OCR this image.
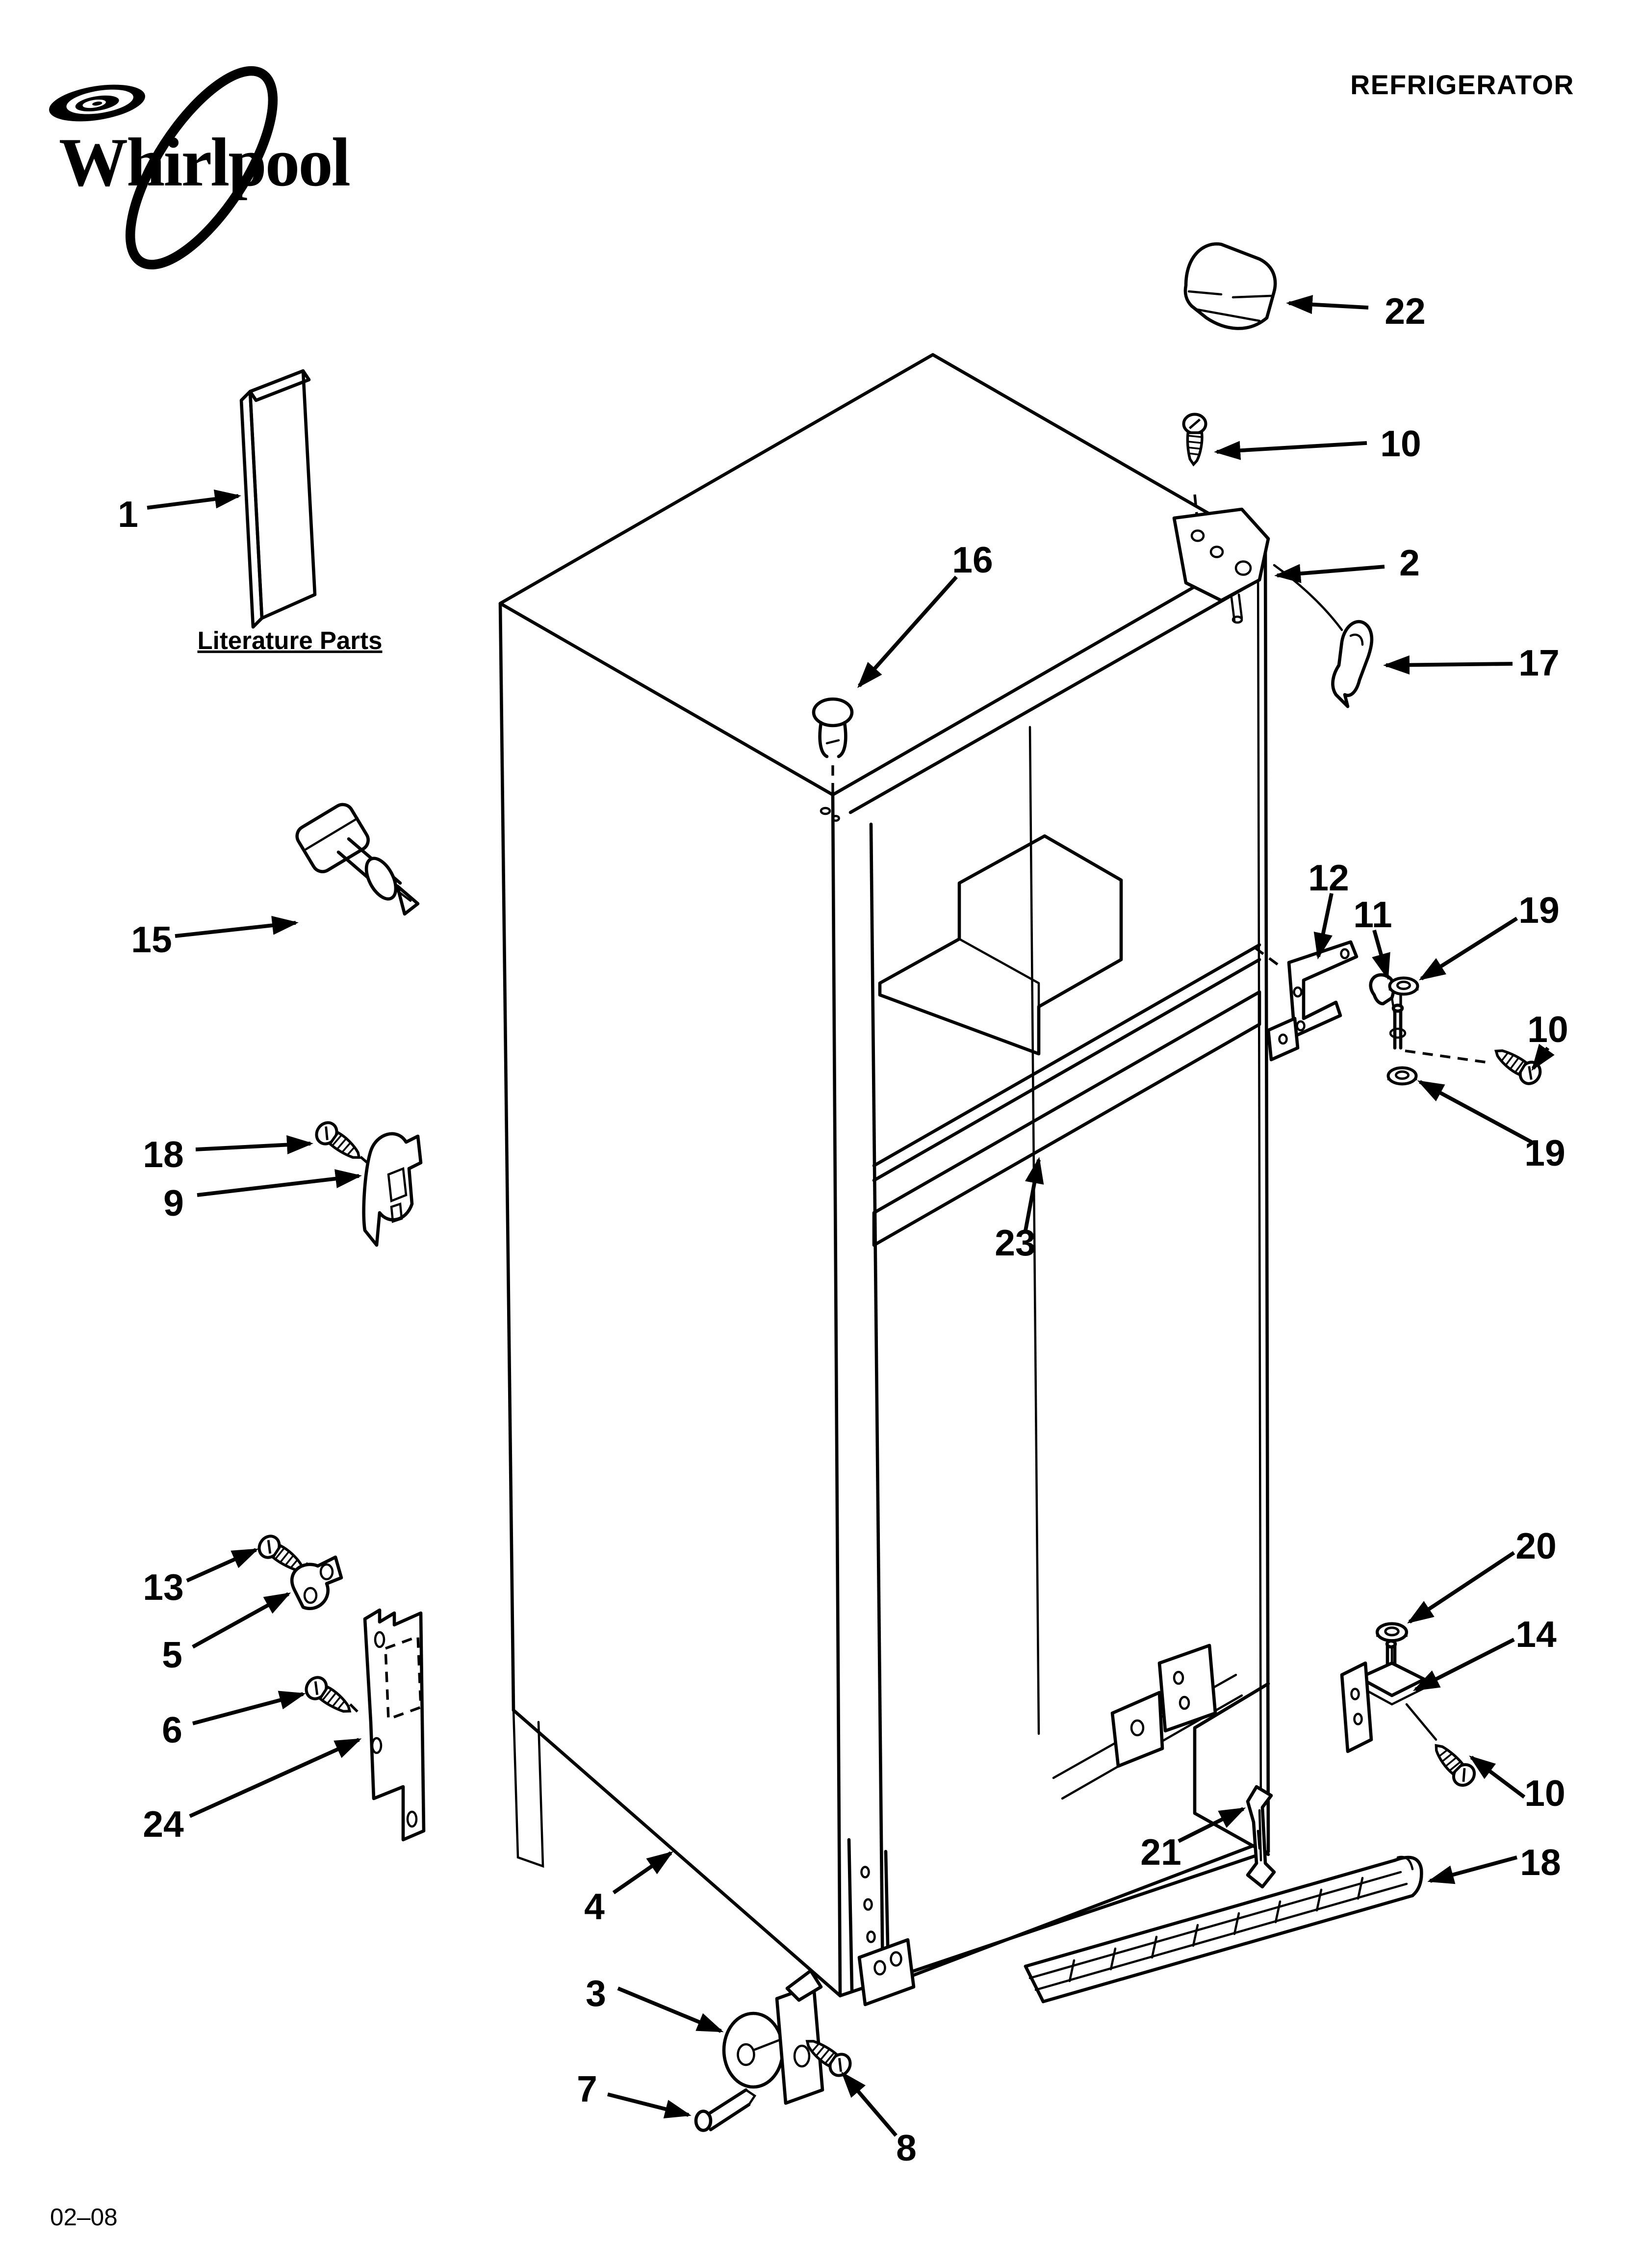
Whirlpool
REFRIGERATOR
Literature Parts
1
22
10
2
16
17
15
12
11	19
10
19
18
9
23
13
5
6
24
20
14
10
18
21
4
3
7
8
02–08
